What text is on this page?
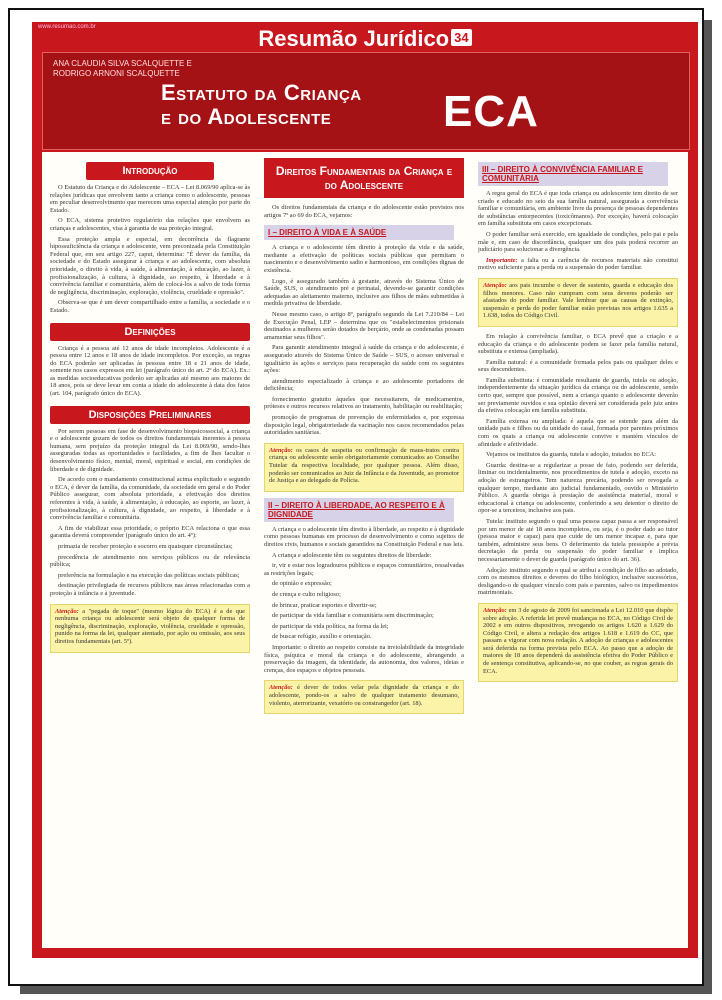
www.resumao.com.br	Resumão Jurídico 34
ANA CLAUDIA SILVA SCALQUETTE E
RODRIGO ARNONI SCALQUETTE
Estatuto da Criança
e do Adolescente	ECA
Introdução

O Estatuto da Criança e do Adolescente – ECA – Lei 8.069/90 aplica-se às relações jurídicas que envolvem tanto a criança como o adolescente, pessoas em peculiar desenvolvimento que merecem uma especial atenção por parte do Estado.

O ECA, sistema protetivo regulatório das relações que envolvem as crianças e adolescentes, visa à garantia de sua proteção integral.

Essa proteção ampla e especial, em decorrência da flagrante hipossuficiência da criança e adolescente, vem preconizada pela Constituição Federal que, em seu artigo 227, caput, determina: "É dever da família, da sociedade e do Estado assegurar à criança e ao adolescente, com absoluta prioridade, o direito à vida, à saúde, à alimentação, à educação, ao lazer, à profissionalização, à cultura, à dignidade, ao respeito, à liberdade e à convivência familiar e comunitária, além de colocá-los a salvo de toda forma de negligência, discriminação, exploração, violência, crueldade e opressão".

Observa-se que é um dever compartilhado entre a família, a sociedade e o Estado.

Definições

Criança é a pessoa até 12 anos de idade incompletos. Adolescente é a pessoa entre 12 anos e 18 anos de idade incompletos. Por exceção, as regras do ECA poderão ser aplicadas às pessoas entre 18 e 21 anos de idade, somente nos casos expressos em lei (parágrafo único do art. 2º do ECA). Ex.: as medidas socioeducativas poderão ser aplicadas até mesmo aos maiores de 18 anos, pois se deve levar em conta a idade do adolescente à data dos fatos (art. 104, parágrafo único do ECA).

Disposições Preliminares

Por serem pessoas em fase de desenvolvimento biopsicossocial, a criança e o adolescente gozam de todos os direitos fundamentais inerentes à pessoa humana, sem prejuízo da proteção integral da Lei 8.069/90, sendo-lhes asseguradas todas as oportunidades e facilidades, a fim de lhes facultar o desenvolvimento físico, mental, moral, espiritual e social, em condições de liberdade e de dignidade.

De acordo com o mandamento constitucional acima explicitado e segundo o ECA, é dever da família, da comunidade, da sociedade em geral e do Poder Público assegurar, com absoluta prioridade, a efetivação dos direitos referentes à vida, à saúde, à alimentação, à educação, ao esporte, ao lazer, à profissionalização, à cultura, à dignidade, ao respeito, à liberdade e à convivência familiar e comunitária.

A fim de viabilizar essa prioridade, o próprio ECA relaciona o que essa garantia deverá compreender (parágrafo único do art. 4º):

primazia de receber proteção e socorro em quaisquer circunstâncias;

precedência de atendimento nos serviços públicos ou de relevância pública;

preferência na formulação e na execução das políticas sociais públicas;

destinação privilegiada de recursos públicos nas áreas relacionadas com a proteção à infância e à juventude.

Atenção: a "pegada de toque" (mesmo lógica do ECA) é a de que nenhuma criança ou adolescente será objeto de qualquer forma de negligência, discriminação, exploração, violência, crueldade e opressão, punido na forma da lei, qualquer atentado, por ação ou omissão, aos seus direitos fundamentais (art. 5º).

Direitos Fundamentais da Criança e do Adolescente

Os direitos fundamentais da criança e do adolescente estão previstos nos artigos 7º ao 69 do ECA, vejamos:

I – DIREITO À VIDA E À SAÚDE

A criança e o adolescente têm direito à proteção da vida e da saúde, mediante a efetivação de políticas sociais públicas que permitam o nascimento e o desenvolvimento sadio e harmonioso, em condições dignas de existência.

Logo, é assegurado também à gestante, através do Sistema Único de Saúde, SUS, o atendimento pré e perinatal, devendo-se garantir condições adequadas ao aleitamento materno, inclusive aos filhos de mães submetidas à medida privativa de liberdade.

Nesse mesmo caso, o artigo 8º, parágrafo segundo da Lei 7.210/84 – Lei de Execução Penal, LEP – determina que os "estabelecimentos prisionais destinados a mulheres serão dotados de berçário, onde as condenadas possam amamentar seus filhos".

Para garantir atendimento integral à saúde da criança e do adolescente, é assegurado através do Sistema Único de Saúde – SUS, o acesso universal e igualitário às ações e serviços para recuperação da saúde com os seguintes ações:

atendimento especializado à criança e ao adolescente portadores de deficiência;

fornecimento gratuito àqueles que necessitarem, de medicamentos, próteses e outros recursos relativos ao tratamento, habilitação ou reabilitação;

promoção de programas de prevenção de enfermidades e, por expressa disposição legal, obrigatoriedade da vacinação nos casos recomendados pelas autoridades sanitárias.

Atenção: os casos de suspeita ou confirmação de maus-tratos contra criança ou adolescente serão obrigatoriamente comunicados ao Conselho Tutelar da respectiva localidade, por qualquer pessoa. Além disso, poderão ser comunicados ao Juiz da Infância e da Juventude, ao promotor de Justiça e ao delegado de Polícia.

II – DIREITO À LIBERDADE, AO RESPEITO E À DIGNIDADE

A criança e o adolescente têm direito à liberdade, ao respeito e à dignidade como pessoas humanas em processo de desenvolvimento e como sujeitos de direitos civis, humanos e sociais garantidos na Constituição Federal e nas leis.

A criança e adolescente têm os seguintes direitos de liberdade:

ir, vir e estar nos logradouros públicos e espaços comunitários, ressalvadas as restrições legais;

de opinião e expressão;

de crença e culto religioso;

de brincar, praticar esportes e divertir-se;

de participar da vida familiar e comunitária sem discriminação;

de participar da vida política, na forma da lei;

de buscar refúgio, auxílio e orientação.

Importante: o direito ao respeito consiste na inviolabilidade da integridade física, psíquica e moral da criança e do adolescente, abrangendo a preservação da imagem, da identidade, da autonomia, dos valores, ideias e crenças, dos espaços e objetos pessoais.

Atenção: é dever de todos velar pela dignidade da criança e do adolescente, pondo-os a salvo de qualquer tratamento desumano, violento, aterrorizante, vexatório ou constrangedor (art. 18).

III – DIREITO À CONVIVÊNCIA FAMILIAR E COMUNITÁRIA

A regra geral do ECA é que toda criança ou adolescente tem direito de ser criado e educado no seio da sua família natural, assegurada a convivência familiar e comunitária, em ambiente livre da presença de pessoas dependentes de substâncias entorpecentes (toxicômanos). Por exceção, haverá colocação em família substituta em casos excepcionais.

O poder familiar será exercido, em igualdade de condições, pelo pai e pela mãe e, em caso de discordância, qualquer um dos pais poderá recorrer ao judiciário para solucionar a divergência.

Importante: a falta ou a carência de recursos materiais não constitui motivo suficiente para a perda ou a suspensão do poder familiar.

Atenção: aos pais incumbe o dever de sustento, guarda e educação dos filhos menores. Caso não cumpram com seus deveres poderão ser afastados do poder familiar. Vale lembrar que as causas de extinção, suspensão e perda do poder familiar estão previstas nos artigos 1.635 a 1.638, todos do Código Civil.

Em relação à convivência familiar, o ECA prevê que a criação e a educação da criança e do adolescente podem se fazer pela família natural, substituta e extensa (ampliada).

Família natural: é a comunidade formada pelos pais ou qualquer deles e seus descendentes.

Família substituta: é comunidade resultante de guarda, tutela ou adoção, independentemente da situação jurídica da criança ou do adolescente, sendo certo que, sempre que possível, nem a criança quanto o adolescente deverão ser previamente ouvidos e sua opinião deverá ser considerada pelo juiz antes da efetiva colocação em família substituta.

Família extensa ou ampliada: é aquela que se estende para além da unidade pais e filhos ou da unidade do casal, formada por parentes próximos com os quais a criança ou adolescente convive e mantém vínculos de afinidade e afetividade.

Vejamos os institutos da guarda, tutela e adoção, tratados no ECA:

Guarda: destina-se a regularizar a posse de fato, podendo ser deferida, liminar ou incidentalmente, nos procedimentos de tutela e adoção, exceto na adoção de estrangeiros. Tem natureza precária, podendo ser revogada a qualquer tempo, mediante ato judicial fundamentado, ouvido o Ministério Público. A guarda obriga à prestação de assistência material, moral e educacional à criança ou adolescente, conferindo a seu detentor o direito de opor-se a terceiros, inclusive aos pais.

Tutela: instituto segundo o qual uma pessoa capaz passa a ser responsável por um menor de até 18 anos incompletos, ou seja, é o poder dado ao tutor (pessoa maior e capaz) para que cuide de um menor incapaz e, para que também, administre seus bens. O deferimento da tutela pressupõe a prévia decretação da perda ou suspensão do poder familiar e implica necessariamente o dever de guarda (parágrafo único do art. 36).

Adoção: instituto segundo o qual se atribui a condição de filho ao adotado, com os mesmos direitos e deveres do filho biológico, inclusive sucessórios, desligando-o de qualquer vínculo com pais e parentes, salvo os impedimentos matrimoniais.

Atenção: em 3 de agosto de 2009 foi sancionada a Lei 12.010 que dispõe sobre adoção. A referida lei prevê mudanças no ECA, no Código Civil de 2002 e em outros dispositivos, revogando os artigos 1.620 a 1.629 do Código Civil, e altera a redação dos artigos 1.618 e 1.619 do CC, que passam a vigorar com nova redação. A adoção de crianças e adolescentes será deferida na forma prevista pelo ECA. Ao passo que a adoção de maiores de 18 anos dependerá da assistência efetiva do Poder Público e de sentença constitutiva, aplicando-se, no que couber, as regras gerais do ECA.
